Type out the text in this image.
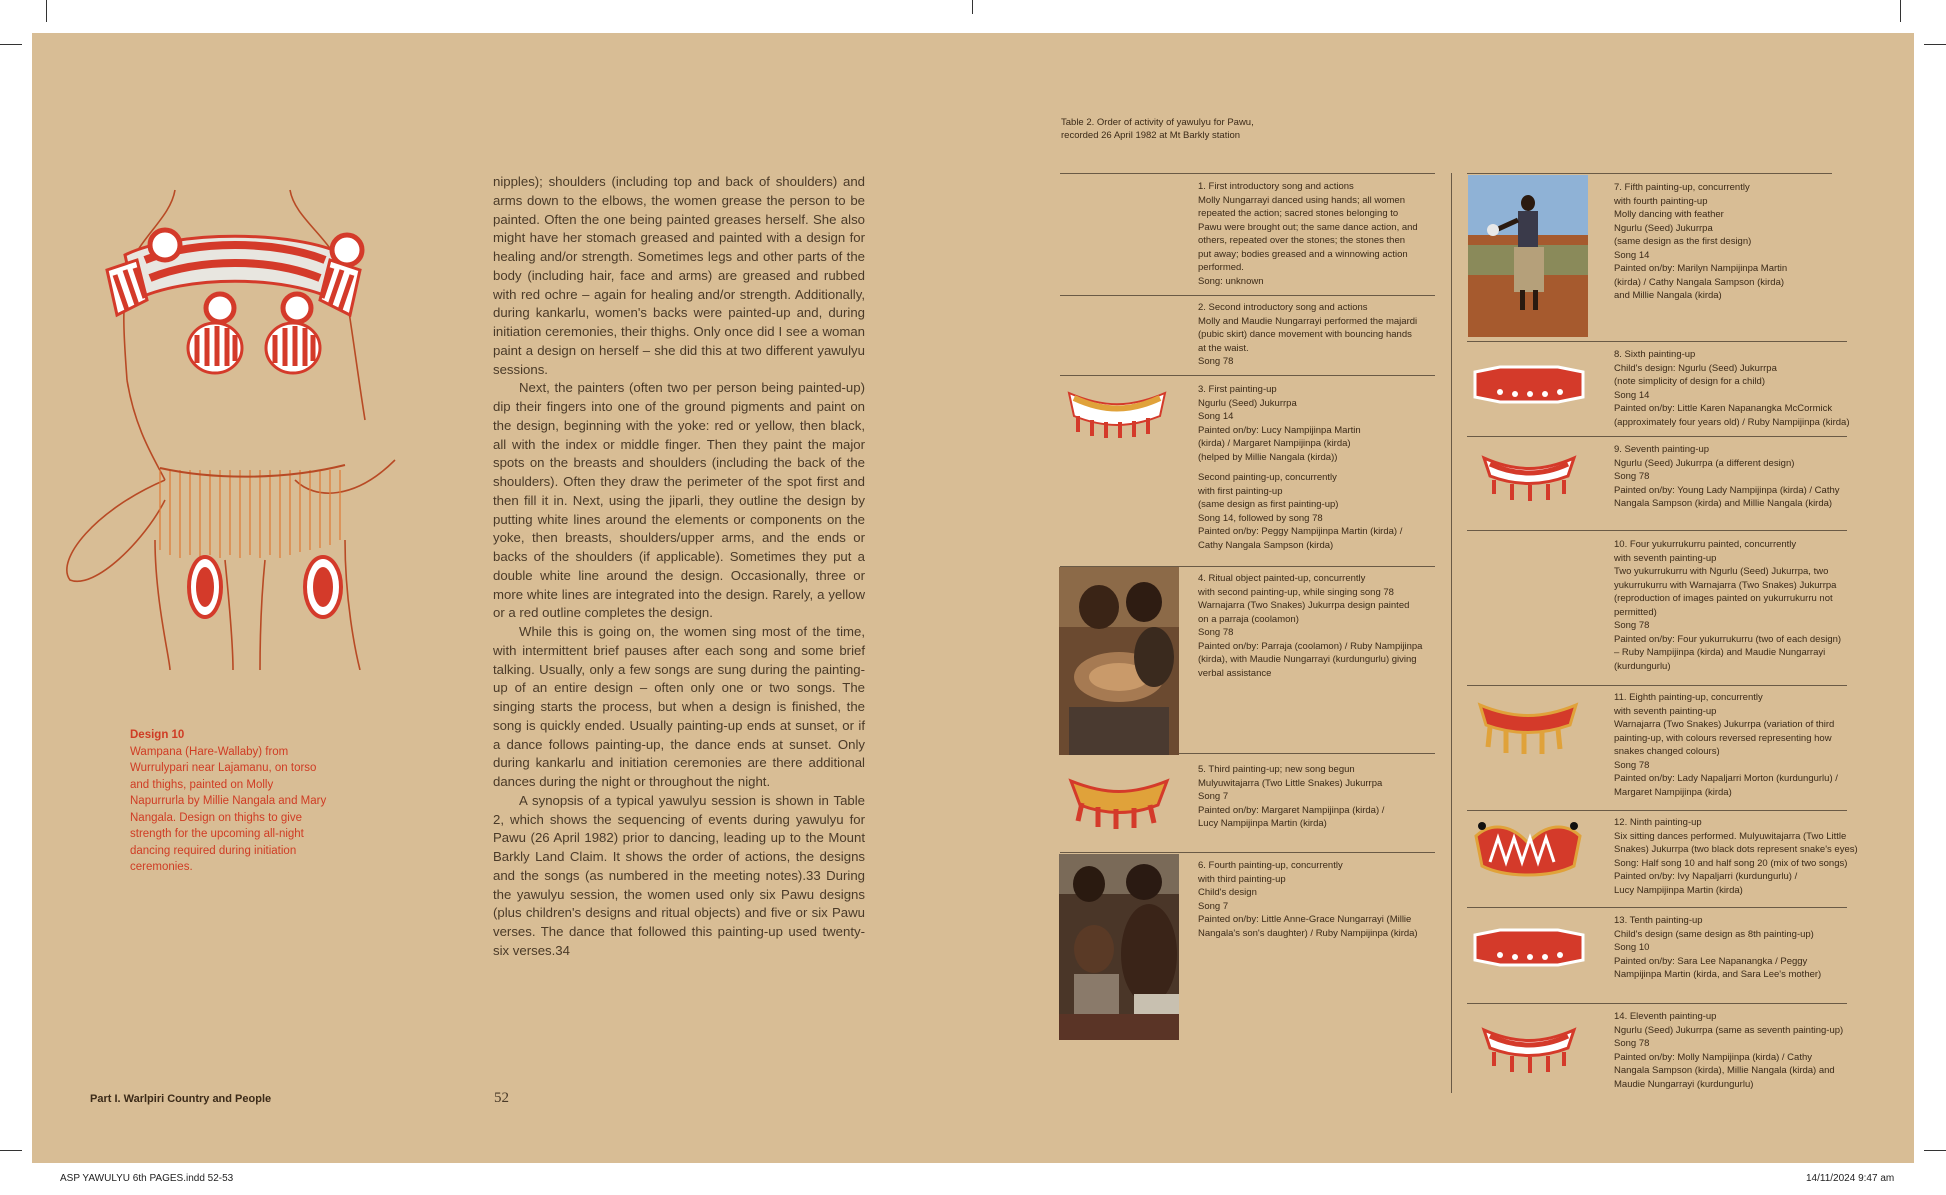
Design 10
Wampana (Hare-Wallaby) from Wurrulypari near Lajamanu, on torso and thighs, painted on Molly Napurrurla by Millie Nangala and Mary Nangala. Design on thighs to give strength for the upcoming all-night dancing required during initiation ceremonies.

nipples); shoulders (including top and back of shoulders) and arms down to the elbows, the women grease the person to be painted. Often the one being painted greases herself. She also might have her stomach greased and painted with a design for healing and/or strength. Sometimes legs and other parts of the body (including hair, face and arms) are greased and rubbed with red ochre – again for healing and/or strength. Additionally, during kankarlu, women's backs were painted-up and, during initiation ceremonies, their thighs. Only once did I see a woman paint a design on herself – she did this at two different yawulyu sessions.

Next, the painters (often two per person being painted-up) dip their fingers into one of the ground pigments and paint on the design, beginning with the yoke: red or yellow, then black, all with the index or middle finger. Then they paint the major spots on the breasts and shoulders (including the back of the shoulders). Often they draw the perimeter of the spot first and then fill it in. Next, using the jiparli, they outline the design by putting white lines around the elements or components on the yoke, then breasts, shoulders/upper arms, and the ends or backs of the shoulders (if applicable). Sometimes they put a double white line around the design. Occasionally, three or more white lines are integrated into the design. Rarely, a yellow or a red outline completes the design.

While this is going on, the women sing most of the time, with intermittent brief pauses after each song and some brief talking. Usually, only a few songs are sung during the painting-up of an entire design – often only one or two songs. The singing starts the process, but when a design is finished, the song is quickly ended. Usually painting-up ends at sunset, or if a dance follows painting-up, the dance ends at sunset. Only during kankarlu and initiation ceremonies are there additional dances during the night or throughout the night.

A synopsis of a typical yawulyu session is shown in Table 2, which shows the sequencing of events during yawulyu for Pawu (26 April 1982) prior to dancing, leading up to the Mount Barkly Land Claim. It shows the order of actions, the designs and the songs (as numbered in the meeting notes).33 During the yawulyu session, the women used only six Pawu designs (plus children's designs and ritual objects) and five or six Pawu verses. The dance that followed this painting-up used twenty-six verses.34

Part I. Warlpiri Country and People	52
Table 2. Order of activity of yawulyu for Pawu,
recorded 26 April 1982 at Mt Barkly station
1. First introductory song and actions
Molly Nungarrayi danced using hands; all women
repeated the action; sacred stones belonging to
Pawu were brought out; the same dance action, and
others, repeated over the stones; the stones then
put away; bodies greased and a winnowing action
performed.
Song: unknown
2. Second introductory song and actions
Molly and Maudie Nungarrayi performed the majardi
(pubic skirt) dance movement with bouncing hands
at the waist.
Song 78
3. First painting-up
Ngurlu (Seed) Jukurrpa
Song 14
Painted on/by: Lucy Nampijinpa Martin
(kirda) / Margaret Nampijinpa (kirda)
(helped by Millie Nangala (kirda))
Second painting-up, concurrently
with first painting-up
(same design as first painting-up)
Song 14, followed by song 78
Painted on/by: Peggy Nampijinpa Martin (kirda) /
Cathy Nangala Sampson (kirda)
4. Ritual object painted-up, concurrently
with second painting-up, while singing song 78
Warnajarra (Two Snakes) Jukurrpa design painted
on a parraja (coolamon)
Song 78
Painted on/by: Parraja (coolamon) / Ruby Nampijinpa
(kirda), with Maudie Nungarrayi (kurdungurlu) giving
verbal assistance
5. Third painting-up; new song begun
Mulyuwitajarra (Two Little Snakes) Jukurrpa
Song 7
Painted on/by: Margaret Nampijinpa (kirda) /
Lucy Nampijinpa Martin (kirda)
6. Fourth painting-up, concurrently
with third painting-up
Child's design
Song 7
Painted on/by: Little Anne-Grace Nungarrayi (Millie
Nangala's son's daughter) / Ruby Nampijinpa (kirda)
7. Fifth painting-up, concurrently
with fourth painting-up
Molly dancing with feather
Ngurlu (Seed) Jukurrpa
(same design as the first design)
Song 14
Painted on/by: Marilyn Nampijinpa Martin
(kirda) / Cathy Nangala Sampson (kirda)
and Millie Nangala (kirda)
8. Sixth painting-up
Child's design: Ngurlu (Seed) Jukurrpa
(note simplicity of design for a child)
Song 14
Painted on/by: Little Karen Napanangka McCormick
(approximately four years old) / Ruby Nampijinpa (kirda)
9. Seventh painting-up
Ngurlu (Seed) Jukurrpa (a different design)
Song 78
Painted on/by: Young Lady Nampijinpa (kirda) / Cathy
Nangala Sampson (kirda) and Millie Nangala (kirda)
10. Four yukurrukurru painted, concurrently
with seventh painting-up
Two yukurrukurru with Ngurlu (Seed) Jukurrpa, two
yukurrukurru with Warnajarra (Two Snakes) Jukurrpa
(reproduction of images painted on yukurrukurru not
permitted)
Song 78
Painted on/by: Four yukurrukurru (two of each design)
– Ruby Nampijinpa (kirda) and Maudie Nungarrayi
(kurdungurlu)
11. Eighth painting-up, concurrently
with seventh painting-up
Warnajarra (Two Snakes) Jukurrpa (variation of third
painting-up, with colours reversed representing how
snakes changed colours)
Song 78
Painted on/by: Lady Napaljarri Morton (kurdungurlu) /
Margaret Nampijinpa (kirda)
12. Ninth painting-up
Six sitting dances performed. Mulyuwitajarra (Two Little
Snakes) Jukurrpa (two black dots represent snake's eyes)
Song: Half song 10 and half song 20 (mix of two songs)
Painted on/by: Ivy Napaljarri (kurdungurlu) /
Lucy Nampijinpa Martin (kirda)
13. Tenth painting-up
Child's design (same design as 8th painting-up)
Song 10
Painted on/by: Sara Lee Napanangka / Peggy
Nampijinpa Martin (kirda, and Sara Lee's mother)
14. Eleventh painting-up
Ngurlu (Seed) Jukurrpa (same as seventh painting-up)
Song 78
Painted on/by: Molly Nampijinpa (kirda) / Cathy
Nangala Sampson (kirda), Millie Nangala (kirda) and
Maudie Nungarrayi (kurdungurlu)
ASP YAWULYU 6th PAGES.indd 52-53	14/11/2024 9:47 am
